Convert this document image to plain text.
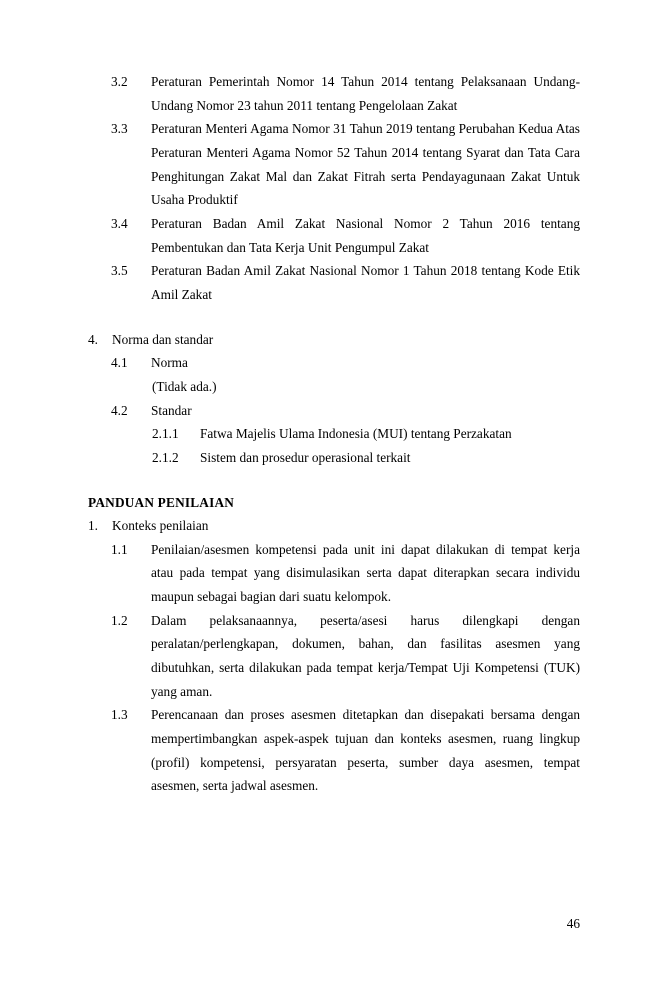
3.2	Peraturan Pemerintah Nomor 14 Tahun 2014 tentang Pelaksanaan Undang-Undang Nomor 23 tahun 2011 tentang Pengelolaan Zakat
3.3	Peraturan Menteri Agama Nomor 31 Tahun 2019 tentang Perubahan Kedua Atas Peraturan Menteri Agama Nomor 52 Tahun 2014 tentang Syarat dan Tata Cara Penghitungan Zakat Mal dan Zakat Fitrah serta Pendayagunaan Zakat Untuk Usaha Produktif
3.4	Peraturan Badan Amil Zakat Nasional Nomor 2 Tahun 2016 tentang Pembentukan dan Tata Kerja Unit Pengumpul Zakat
3.5	Peraturan Badan Amil Zakat Nasional Nomor 1 Tahun 2018 tentang Kode Etik Amil Zakat
4.	Norma dan standar
4.1	Norma
(Tidak ada.)
4.2	Standar
2.1.1	Fatwa Majelis Ulama Indonesia (MUI) tentang Perzakatan
2.1.2	Sistem dan prosedur operasional terkait
PANDUAN PENILAIAN
1.	Konteks penilaian
1.1	Penilaian/asesmen kompetensi pada unit ini dapat dilakukan di tempat kerja atau pada tempat yang disimulasikan serta dapat diterapkan secara individu maupun sebagai bagian dari suatu kelompok.
1.2	Dalam pelaksanaannya, peserta/asesi harus dilengkapi dengan peralatan/perlengkapan, dokumen, bahan, dan fasilitas asesmen yang dibutuhkan, serta dilakukan pada tempat kerja/Tempat Uji Kompetensi (TUK) yang aman.
1.3	Perencanaan dan proses asesmen ditetapkan dan disepakati bersama dengan mempertimbangkan aspek-aspek tujuan dan konteks asesmen, ruang lingkup (profil) kompetensi, persyaratan peserta, sumber daya asesmen, tempat asesmen, serta jadwal asesmen.
46
